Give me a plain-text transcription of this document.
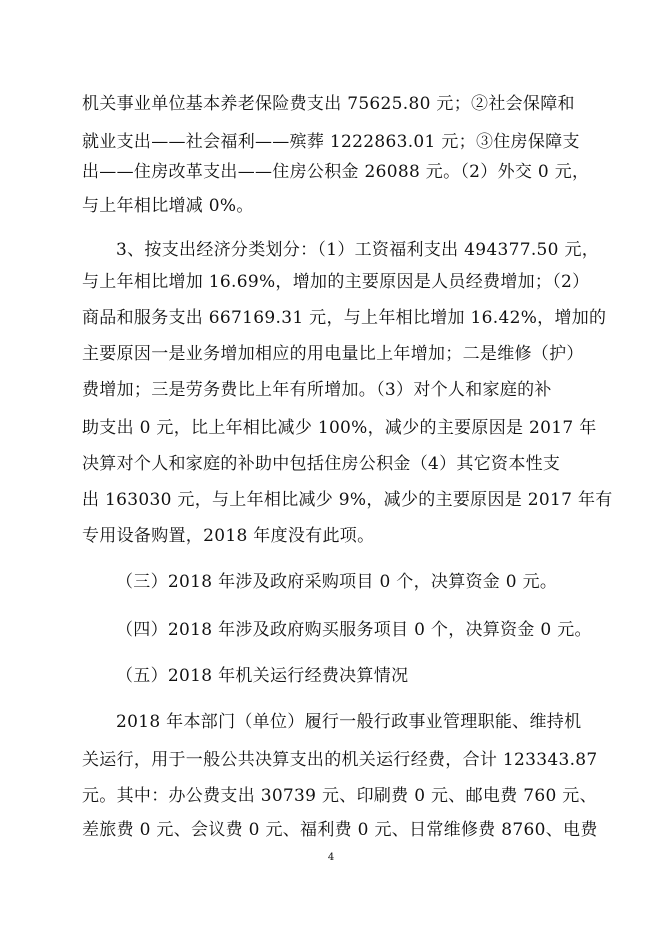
机关事业单位基本养老保险费支出 75625.80 元；②社会保障和
就业支出——社会福利——殡葬 1222863.01 元；③住房保障支
出——住房改革支出——住房公积金 26088 元。（2）外交 0 元，
与上年相比增减 0%。
3、按支出经济分类划分：（1）工资福利支出 494377.50 元，
与上年相比增加 16.69%，增加的主要原因是人员经费增加；（2）
商品和服务支出 667169.31 元，与上年相比增加 16.42%，增加的
主要原因一是业务增加相应的用电量比上年增加；二是维修（护）
费增加；三是劳务费比上年有所增加。（3）对个人和家庭的补
助支出 0 元，比上年相比减少 100%，减少的主要原因是 2017 年
决算对个人和家庭的补助中包括住房公积金（4）其它资本性支
出 163030 元，与上年相比减少 9%，减少的主要原因是 2017 年有
专用设备购置，2018 年度没有此项。
（三）2018 年涉及政府采购项目 0 个，决算资金 0 元。
（四）2018 年涉及政府购买服务项目 0 个，决算资金 0 元。
（五）2018 年机关运行经费决算情况
2018 年本部门（单位）履行一般行政事业管理职能、维持机
关运行，用于一般公共决算支出的机关运行经费，合计 123343.87
元。其中：办公费支出 30739 元、印刷费 0 元、邮电费 760 元、
差旅费 0 元、会议费 0 元、福利费 0 元、日常维修费 8760、电费
4
